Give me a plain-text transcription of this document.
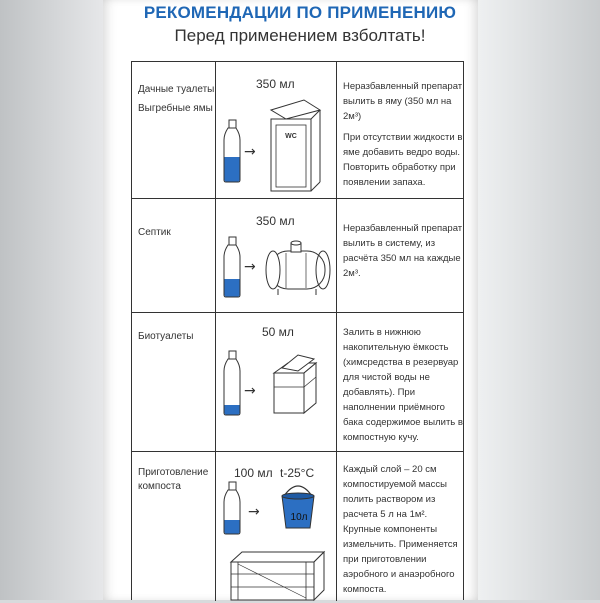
РЕКОМЕНДАЦИИ ПО ПРИМЕНЕНИЮ
Перед применением взболтать!
Дачные туалеты
Выгребные ямы
350 мл
→
WC

Неразбавленный препарат вылить в яму (350 мл на 2м³)

При отсутствии жидкости в яме добавить ведро воды. Повторить обработку при появлении запаха.

Септик
350 мл
→

Неразбавленный препарат вылить в систему, из расчёта 350 мл на каждые 2м³.

Биотуалеты	50 мл
→

Залить в нижнюю накопительную ёмкость (химсредства в резервуар для чистой воды не добавлять). При наполнении приёмного бака содержимое вылить в компостную кучу.

Приготовление
компоста
100 мл t-25°C
→	10л

Каждый слой – 20 см компостируемой массы полить раствором из расчета 5 л на 1м². Крупные компоненты измельчить. Применяется при приготовлении аэробного и анаэробного компоста.
